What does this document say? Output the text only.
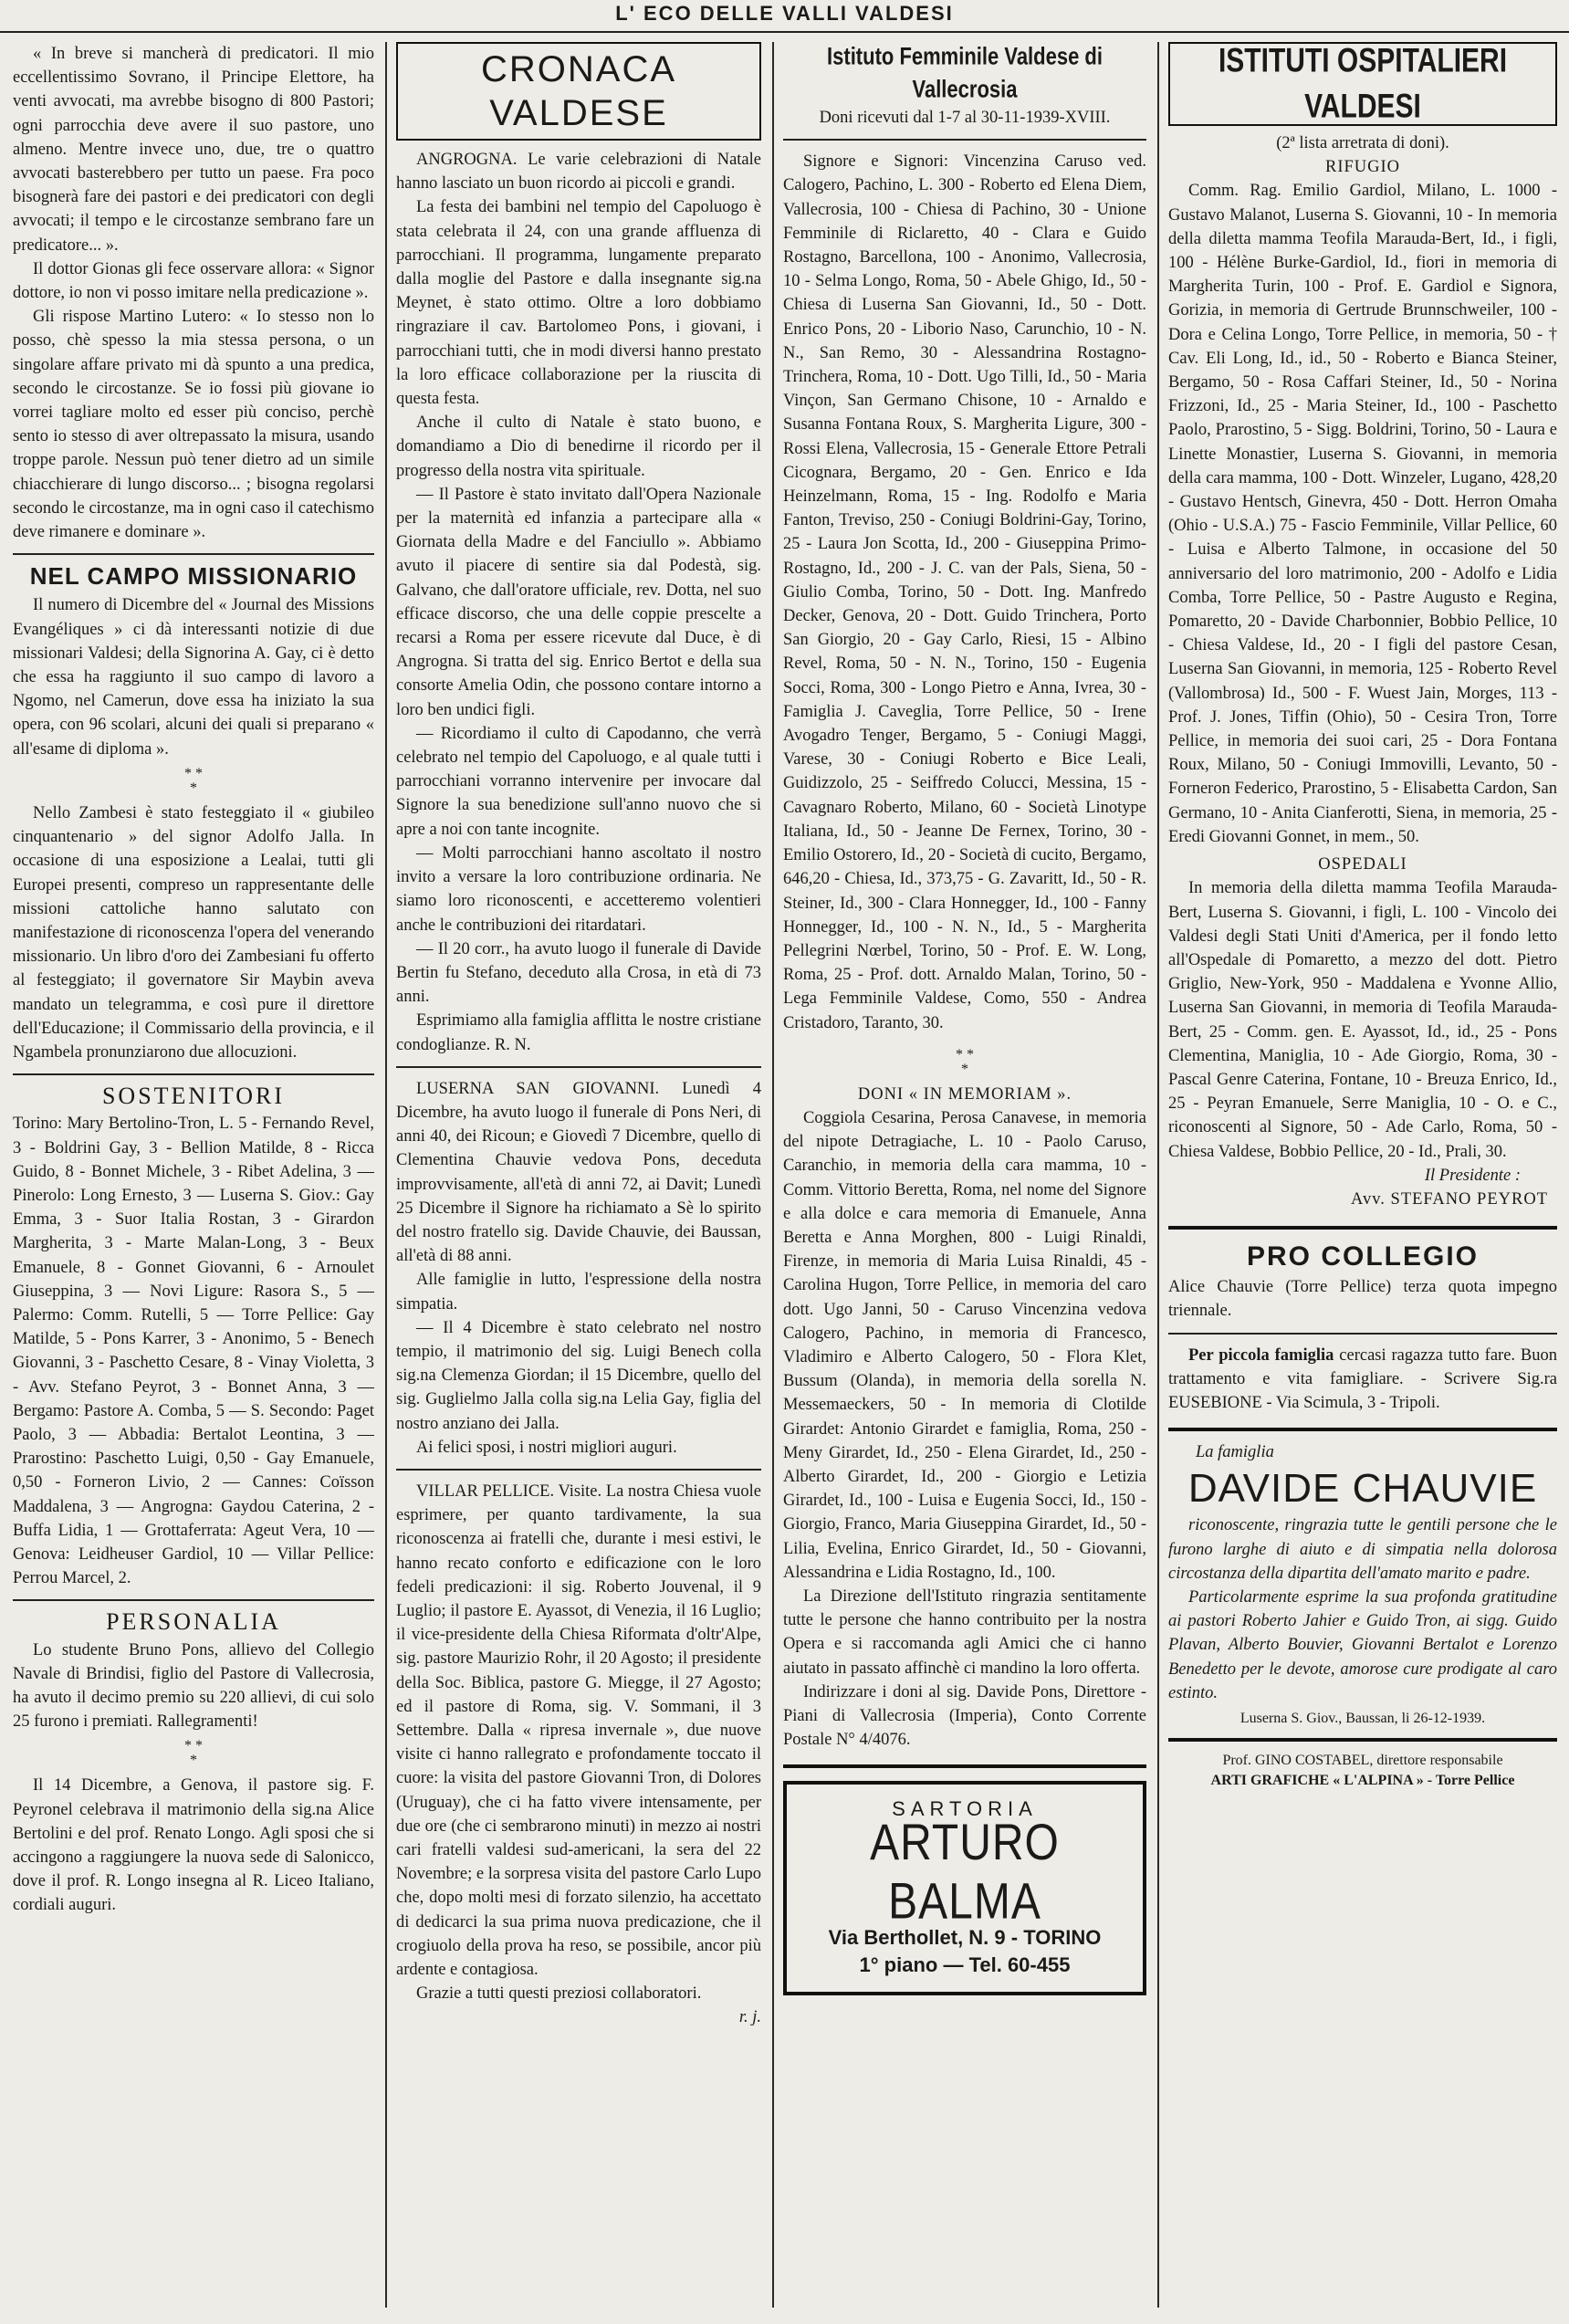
L' ECO DELLE VALLI VALDESI

« In breve si mancherà di predicatori. Il mio eccellentissimo Sovrano, il Principe Elettore, ha venti avvocati, ma avrebbe bisogno di 800 Pastori; ogni parrocchia deve avere il suo pastore, uno almeno. Mentre invece uno, due, tre o quattro avvocati basterebbero per tutto un paese. Fra poco bisognerà fare dei pastori e dei predicatori con degli avvocati; il tempo e le circostanze sembrano fare un predicatore... ».

Il dottor Gionas gli fece osservare allora: « Signor dottore, io non vi posso imitare nella predicazione ».

Gli rispose Martino Lutero: « Io stesso non lo posso, chè spesso la mia stessa persona, o un singolare affare privato mi dà spunto a una predica, secondo le circostanze. Se io fossi più giovane io vorrei tagliare molto ed esser più conciso, perchè sento io stesso di aver oltrepassato la misura, usando troppe parole. Nessun può tener dietro ad un simile chiacchierare di lungo discorso... ; bisogna regolarsi secondo le circostanze, ma in ogni caso il catechismo deve rimanere e dominare ».

NEL CAMPO MISSIONARIO

Il numero di Dicembre del « Journal des Missions Evangéliques » ci dà interessanti notizie di due missionari Valdesi; della Signorina A. Gay, ci è detto che essa ha raggiunto il suo campo di lavoro a Ngomo, nel Camerun, dove essa ha iniziato la sua opera, con 96 scolari, alcuni dei quali si preparano « all'esame di diploma ».

* *
*

Nello Zambesi è stato festeggiato il « giubileo cinquantenario » del signor Adolfo Jalla. In occasione di una esposizione a Lealai, tutti gli Europei presenti, compreso un rappresentante delle missioni cattoliche hanno salutato con manifestazione di riconoscenza l'opera del venerando missionario. Un libro d'oro dei Zambesiani fu offerto al festeggiato; il governatore Sir Maybin aveva mandato un telegramma, e così pure il direttore dell'Educazione; il Commissario della provincia, e il Ngambela pronunziarono due allocuzioni.

SOSTENITORI

Torino: Mary Bertolino-Tron, L. 5 - Fernando Revel, 3 - Boldrini Gay, 3 - Bellion Matilde, 8 - Ricca Guido, 8 - Bonnet Michele, 3 - Ribet Adelina, 3 — Pinerolo: Long Ernesto, 3 — Luserna S. Giov.: Gay Emma, 3 - Suor Italia Rostan, 3 - Girardon Margherita, 3 - Marte Malan-Long, 3 - Beux Emanuele, 8 - Gonnet Giovanni, 6 - Arnoulet Giuseppina, 3 — Novi Ligure: Rasora S., 5 — Palermo: Comm. Rutelli, 5 — Torre Pellice: Gay Matilde, 5 - Pons Karrer, 3 - Anonimo, 5 - Benech Giovanni, 3 - Paschetto Cesare, 8 - Vinay Violetta, 3 - Avv. Stefano Peyrot, 3 - Bonnet Anna, 3 — Bergamo: Pastore A. Comba, 5 — S. Secondo: Paget Paolo, 3 — Abbadia: Bertalot Leontina, 3 — Prarostino: Paschetto Luigi, 0,50 - Gay Emanuele, 0,50 - Forneron Livio, 2 — Cannes: Coïsson Maddalena, 3 — Angrogna: Gaydou Caterina, 2 - Buffa Lidia, 1 — Grottaferrata: Ageut Vera, 10 — Genova: Leidheuser Gardiol, 10 — Villar Pellice: Perrou Marcel, 2.

PERSONALIA

Lo studente Bruno Pons, allievo del Collegio Navale di Brindisi, figlio del Pastore di Vallecrosia, ha avuto il decimo premio su 220 allievi, di cui solo 25 furono i premiati. Rallegramenti!

* *
*

Il 14 Dicembre, a Genova, il pastore sig. F. Peyronel celebrava il matrimonio della sig.na Alice Bertolini e del prof. Renato Longo. Agli sposi che si accingono a raggiungere la nuova sede di Salonicco, dove il prof. R. Longo insegna al R. Liceo Italiano, cordiali auguri.

CRONACA VALDESE

ANGROGNA. Le varie celebrazioni di Natale hanno lasciato un buon ricordo ai piccoli e grandi.

La festa dei bambini nel tempio del Capoluogo è stata celebrata il 24, con una grande affluenza di parrocchiani. Il programma, lungamente preparato dalla moglie del Pastore e dalla insegnante sig.na Meynet, è stato ottimo. Oltre a loro dobbiamo ringraziare il cav. Bartolomeo Pons, i giovani, i parrocchiani tutti, che in modi diversi hanno prestato la loro efficace collaborazione per la riuscita di questa festa.

Anche il culto di Natale è stato buono, e domandiamo a Dio di benedirne il ricordo per il progresso della nostra vita spirituale.

— Il Pastore è stato invitato dall'Opera Nazionale per la maternità ed infanzia a partecipare alla « Giornata della Madre e del Fanciullo ». Abbiamo avuto il piacere di sentire sia dal Podestà, sig. Galvano, che dall'oratore ufficiale, rev. Dotta, nel suo efficace discorso, che una delle coppie prescelte a recarsi a Roma per essere ricevute dal Duce, è di Angrogna. Si tratta del sig. Enrico Bertot e della sua consorte Amelia Odin, che possono contare intorno a loro ben undici figli.

— Ricordiamo il culto di Capodanno, che verrà celebrato nel tempio del Capoluogo, e al quale tutti i parrocchiani vorranno intervenire per invocare dal Signore la sua benedizione sull'anno nuovo che si apre a noi con tante incognite.

— Molti parrocchiani hanno ascoltato il nostro invito a versare la loro contribuzione ordinaria. Ne siamo loro riconoscenti, e accetteremo volentieri anche le contribuzioni dei ritardatari.

— Il 20 corr., ha avuto luogo il funerale di Davide Bertin fu Stefano, deceduto alla Crosa, in età di 73 anni.

Esprimiamo alla famiglia afflitta le nostre cristiane condoglianze. R. N.

LUSERNA SAN GIOVANNI. Lunedì 4 Dicembre, ha avuto luogo il funerale di Pons Neri, di anni 40, dei Ricoun; e Giovedì 7 Dicembre, quello di Clementina Chauvie vedova Pons, deceduta improvvisamente, all'età di anni 72, ai Davit; Lunedì 25 Dicembre il Signore ha richiamato a Sè lo spirito del nostro fratello sig. Davide Chauvie, dei Baussan, all'età di 88 anni.

Alle famiglie in lutto, l'espressione della nostra simpatia.

— Il 4 Dicembre è stato celebrato nel nostro tempio, il matrimonio del sig. Luigi Benech colla sig.na Clemenza Giordan; il 15 Dicembre, quello del sig. Guglielmo Jalla colla sig.na Lelia Gay, figlia del nostro anziano dei Jalla.

Ai felici sposi, i nostri migliori auguri.

VILLAR PELLICE. Visite. La nostra Chiesa vuole esprimere, per quanto tardivamente, la sua riconoscenza ai fratelli che, durante i mesi estivi, le hanno recato conforto e edificazione con le loro fedeli predicazioni: il sig. Roberto Jouvenal, il 9 Luglio; il pastore E. Ayassot, di Venezia, il 16 Luglio; il vice-presidente della Chiesa Riformata d'oltr'Alpe, sig. pastore Maurizio Rohr, il 20 Agosto; il presidente della Soc. Biblica, pastore G. Miegge, il 27 Agosto; ed il pastore di Roma, sig. V. Sommani, il 3 Settembre. Dalla « ripresa invernale », due nuove visite ci hanno rallegrato e profondamente toccato il cuore: la visita del pastore Giovanni Tron, di Dolores (Uruguay), che ci ha fatto vivere intensamente, per due ore (che ci sembrarono minuti) in mezzo ai nostri cari fratelli valdesi sud-americani, la sera del 22 Novembre; e la sorpresa visita del pastore Carlo Lupo che, dopo molti mesi di forzato silenzio, ha accettato di dedicarci la sua prima nuova predicazione, che il crogiuolo della prova ha reso, se possibile, ancor più ardente e contagiosa.

Grazie a tutti questi preziosi collaboratori.

r. j.
Istituto Femminile Valdese di Vallecrosia
Doni ricevuti dal 1-7 al 30-11-1939-XVIII.

Signore e Signori: Vincenzina Caruso ved. Calogero, Pachino, L. 300 - Roberto ed Elena Diem, Vallecrosia, 100 - Chiesa di Pachino, 30 - Unione Femminile di Riclaretto, 40 - Clara e Guido Rostagno, Barcellona, 100 - Anonimo, Vallecrosia, 10 - Selma Longo, Roma, 50 - Abele Ghigo, Id., 50 - Chiesa di Luserna San Giovanni, Id., 50 - Dott. Enrico Pons, 20 - Liborio Naso, Carunchio, 10 - N. N., San Remo, 30 - Alessandrina Rostagno-Trinchera, Roma, 10 - Dott. Ugo Tilli, Id., 50 - Maria Vinçon, San Germano Chisone, 10 - Arnaldo e Susanna Fontana Roux, S. Margherita Ligure, 300 - Rossi Elena, Vallecrosia, 15 - Generale Ettore Petrali Cicognara, Bergamo, 20 - Gen. Enrico e Ida Heinzelmann, Roma, 15 - Ing. Rodolfo e Maria Fanton, Treviso, 250 - Coniugi Boldrini-Gay, Torino, 25 - Laura Jon Scotta, Id., 200 - Giuseppina Primo-Rostagno, Id., 200 - J. C. van der Pals, Siena, 50 - Giulio Comba, Torino, 50 - Dott. Ing. Manfredo Decker, Genova, 20 - Dott. Guido Trinchera, Porto San Giorgio, 20 - Gay Carlo, Riesi, 15 - Albino Revel, Roma, 50 - N. N., Torino, 150 - Eugenia Socci, Roma, 300 - Longo Pietro e Anna, Ivrea, 30 - Famiglia J. Caveglia, Torre Pellice, 50 - Irene Avogadro Tenger, Bergamo, 5 - Coniugi Maggi, Varese, 30 - Coniugi Roberto e Bice Leali, Guidizzolo, 25 - Seiffredo Colucci, Messina, 15 - Cavagnaro Roberto, Milano, 60 - Società Linotype Italiana, Id., 50 - Jeanne De Fernex, Torino, 30 - Emilio Ostorero, Id., 20 - Società di cucito, Bergamo, 646,20 - Chiesa, Id., 373,75 - G. Zavaritt, Id., 50 - R. Steiner, Id., 300 - Clara Honnegger, Id., 100 - Fanny Honnegger, Id., 100 - N. N., Id., 5 - Margherita Pellegrini Nœrbel, Torino, 50 - Prof. E. W. Long, Roma, 25 - Prof. dott. Arnaldo Malan, Torino, 50 - Lega Femminile Valdese, Como, 550 - Andrea Cristadoro, Taranto, 30.

* *
*
DONI « IN MEMORIAM ».

Coggiola Cesarina, Perosa Canavese, in memoria del nipote Detragiache, L. 10 - Paolo Caruso, Caranchio, in memoria della cara mamma, 10 - Comm. Vittorio Beretta, Roma, nel nome del Signore e alla dolce e cara memoria di Emanuele, Anna Beretta e Anna Morghen, 800 - Luigi Rinaldi, Firenze, in memoria di Maria Luisa Rinaldi, 45 - Carolina Hugon, Torre Pellice, in memoria del caro dott. Ugo Janni, 50 - Caruso Vincenzina vedova Calogero, Pachino, in memoria di Francesco, Vladimiro e Alberto Calogero, 50 - Flora Klet, Bussum (Olanda), in memoria della sorella N. Messemaeckers, 50 - In memoria di Clotilde Girardet: Antonio Girardet e famiglia, Roma, 250 - Meny Girardet, Id., 250 - Elena Girardet, Id., 250 - Alberto Girardet, Id., 200 - Giorgio e Letizia Girardet, Id., 100 - Luisa e Eugenia Socci, Id., 150 - Giorgio, Franco, Maria Giuseppina Girardet, Id., 50 - Lilia, Evelina, Enrico Girardet, Id., 50 - Giovanni, Alessandrina e Lidia Rostagno, Id., 100.

La Direzione dell'Istituto ringrazia sentitamente tutte le persone che hanno contribuito per la nostra Opera e si raccomanda agli Amici che ci hanno aiutato in passato affinchè ci mandino la loro offerta.

Indirizzare i doni al sig. Davide Pons, Direttore - Piani di Vallecrosia (Imperia), Conto Corrente Postale N° 4/4076.

SARTORIA
ARTURO BALMA
Via Berthollet, N. 9 - TORINO
1° piano — Tel. 60-455
ISTITUTI OSPITALIERI VALDESI
(2ª lista arretrata di doni).
RIFUGIO

Comm. Rag. Emilio Gardiol, Milano, L. 1000 - Gustavo Malanot, Luserna S. Giovanni, 10 - In memoria della diletta mamma Teofila Marauda-Bert, Id., i figli, 100 - Hélène Burke-Gardiol, Id., fiori in memoria di Margherita Turin, 100 - Prof. E. Gardiol e Signora, Gorizia, in memoria di Gertrude Brunnschweiler, 100 - Dora e Celina Longo, Torre Pellice, in memoria, 50 - † Cav. Eli Long, Id., id., 50 - Roberto e Bianca Steiner, Bergamo, 50 - Rosa Caffari Steiner, Id., 50 - Norina Frizzoni, Id., 25 - Maria Steiner, Id., 100 - Paschetto Paolo, Prarostino, 5 - Sigg. Boldrini, Torino, 50 - Laura e Linette Monastier, Luserna S. Giovanni, in memoria della cara mamma, 100 - Dott. Winzeler, Lugano, 428,20 - Gustavo Hentsch, Ginevra, 450 - Dott. Herron Omaha (Ohio - U.S.A.) 75 - Fascio Femminile, Villar Pellice, 60 - Luisa e Alberto Talmone, in occasione del 50 anniversario del loro matrimonio, 200 - Adolfo e Lidia Comba, Torre Pellice, 50 - Pastre Augusto e Regina, Pomaretto, 20 - Davide Charbonnier, Bobbio Pellice, 10 - Chiesa Valdese, Id., 20 - I figli del pastore Cesan, Luserna San Giovanni, in memoria, 125 - Roberto Revel (Vallombrosa) Id., 500 - F. Wuest Jain, Morges, 113 - Prof. J. Jones, Tiffin (Ohio), 50 - Cesira Tron, Torre Pellice, in memoria dei suoi cari, 25 - Dora Fontana Roux, Milano, 50 - Coniugi Immovilli, Levanto, 50 - Forneron Federico, Prarostino, 5 - Elisabetta Cardon, San Germano, 10 - Anita Cianferotti, Siena, in memoria, 25 - Eredi Giovanni Gonnet, in mem., 50.

OSPEDALI

In memoria della diletta mamma Teofila Marauda-Bert, Luserna S. Giovanni, i figli, L. 100 - Vincolo dei Valdesi degli Stati Uniti d'America, per il fondo letto all'Ospedale di Pomaretto, a mezzo del dott. Pietro Griglio, New-York, 950 - Maddalena e Yvonne Allio, Luserna San Giovanni, in memoria di Teofila Marauda-Bert, 25 - Comm. gen. E. Ayassot, Id., id., 25 - Pons Clementina, Maniglia, 10 - Ade Giorgio, Roma, 30 - Pascal Genre Caterina, Fontane, 10 - Breuza Enrico, Id., 25 - Peyran Emanuele, Serre Maniglia, 10 - O. e C., riconoscenti al Signore, 50 - Ade Carlo, Roma, 50 - Chiesa Valdese, Bobbio Pellice, 20 - Id., Prali, 30.

Il Presidente :
Avv. STEFANO PEYROT
PRO COLLEGIO

Alice Chauvie (Torre Pellice) terza quota impegno triennale.

Per piccola famiglia cercasi ragazza tutto fare. Buon trattamento e vita famigliare. - Scrivere Sig.ra EUSEBIONE - Via Scimula, 3 - Tripoli.

La famiglia
DAVIDE CHAUVIE

riconoscente, ringrazia tutte le gentili persone che le furono larghe di aiuto e di simpatia nella dolorosa circostanza della dipartita dell'amato marito e padre.

Particolarmente esprime la sua profonda gratitudine ai pastori Roberto Jahier e Guido Tron, ai sigg. Guido Plavan, Alberto Bouvier, Giovanni Bertalot e Lorenzo Benedetto per le devote, amorose cure prodigate al caro estinto.

Luserna S. Giov., Baussan, li 26-12-1939.
Prof. GINO COSTABEL, direttore responsabile
ARTI GRAFICHE « L'ALPINA » - Torre Pellice
